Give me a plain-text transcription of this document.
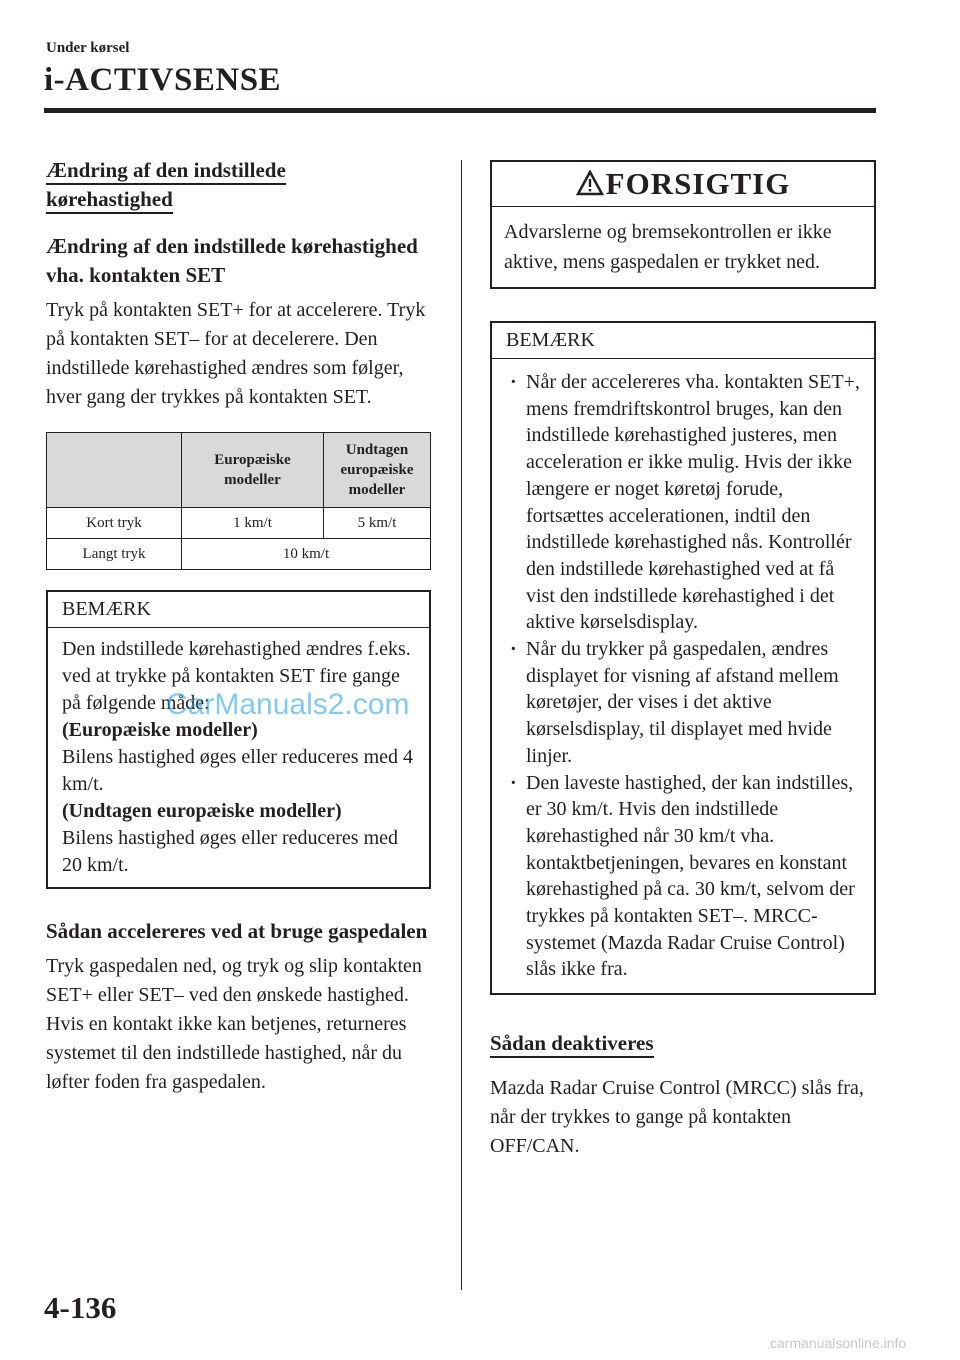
Under kørsel
i-ACTIVSENSE
Ændring af den indstillede
kørehastighed
Ændring af den indstillede kørehastighed vha. kontakten SET

Tryk på kontakten SET+ for at accelerere. Tryk på kontakten SET– for at decelerere. Den indstillede kørehastighed ændres som følger, hver gang der trykkes på kontakten SET.

	Europæiske modeller	Undtagen europæiske modeller
Kort tryk	1 km/t	5 km/t
Langt tryk	10 km/t	
BEMÆRK
Den indstillede kørehastighed ændres f.eks. ved at trykke på kontakten SET fire gange på følgende måde:
(Europæiske modeller)
Bilens hastighed øges eller reduceres med 4 km/t.
(Undtagen europæiske modeller)
Bilens hastighed øges eller reduceres med 20 km/t.
Sådan accelereres ved at bruge gaspedalen

Tryk gaspedalen ned, og tryk og slip kontakten SET+ eller SET– ved den ønskede hastighed. Hvis en kontakt ikke kan betjenes, returneres systemet til den indstillede hastighed, når du løfter foden fra gaspedalen.

FORSIGTIG
Advarslerne og bremsekontrollen er ikke aktive, mens gaspedalen er trykket ned.
BEMÆRK
· Når der accelereres vha. kontakten SET+, mens fremdriftskontrol bruges, kan den indstillede kørehastighed justeres, men acceleration er ikke mulig. Hvis der ikke længere er noget køretøj forude, fortsættes accelerationen, indtil den indstillede kørehastighed nås. Kontrollér den indstillede kørehastighed ved at få vist den indstillede kørehastighed i det aktive kørselsdisplay.
· Når du trykker på gaspedalen, ændres displayet for visning af afstand mellem køretøjer, der vises i det aktive kørselsdisplay, til displayet med hvide linjer.
· Den laveste hastighed, der kan indstilles, er 30 km/t. Hvis den indstillede kørehastighed når 30 km/t vha. kontaktbetjeningen, bevares en konstant kørehastighed på ca. 30 km/t, selvom der trykkes på kontakten SET–. MRCC-systemet (Mazda Radar Cruise Control) slås ikke fra.
Sådan deaktiveres

Mazda Radar Cruise Control (MRCC) slås fra, når der trykkes to gange på kontakten OFF/CAN.

CarManuals2.com
4-136
carmanualsonline.info
